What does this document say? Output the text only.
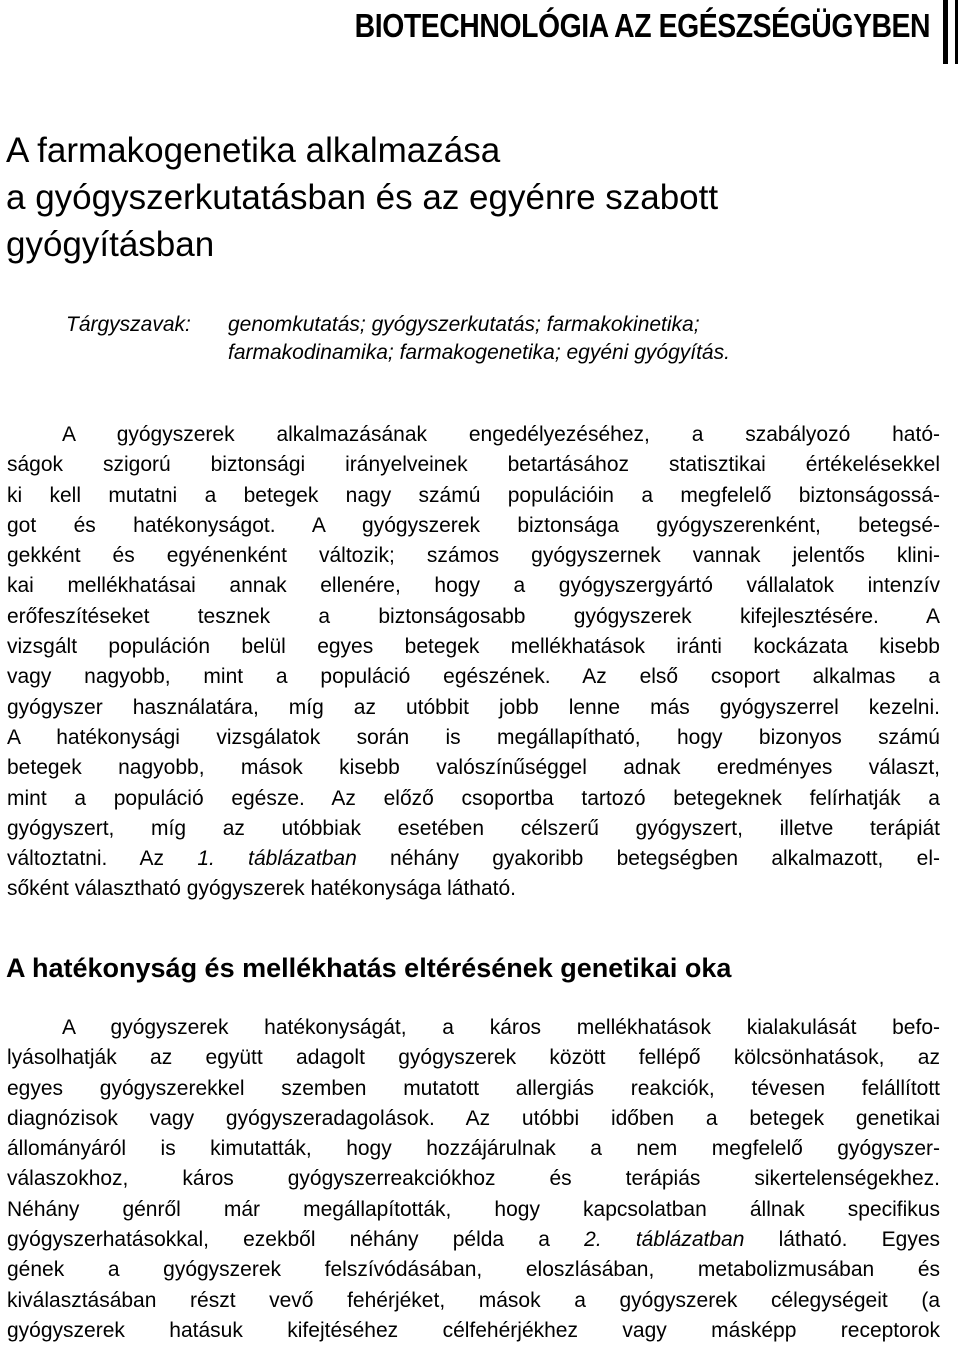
BIOTECHNOLÓGIA AZ EGÉSZSÉGÜGYBEN
A farmakogenetika alkalmazása
a gyógyszerkutatásban és az egyénre szabott
gyógyításban
Tárgyszavak: genomkutatás; gyógyszerkutatás; farmakokinetika;
farmakodinamika; farmakogenetika; egyéni gyógyítás.
A gyógyszerek alkalmazásának engedélyezéséhez, a szabályozó ható-
ságok szigorú biztonsági irányelveinek betartásához statisztikai értékelésekkel
ki kell mutatni a betegek nagy számú populációin a megfelelő biztonságossá-
got és hatékonyságot. A gyógyszerek biztonsága gyógyszerenként, betegsé-
gekként és egyénenként változik; számos gyógyszernek vannak jelentős klini-
kai mellékhatásai annak ellenére, hogy a gyógyszergyártó vállalatok intenzív
erőfeszítéseket tesznek a biztonságosabb gyógyszerek kifejlesztésére. A
vizsgált populáción belül egyes betegek mellékhatások iránti kockázata kisebb
vagy nagyobb, mint a populáció egészének. Az első csoport alkalmas a
gyógyszer használatára, míg az utóbbit jobb lenne más gyógyszerrel kezelni.
A hatékonysági vizsgálatok során is megállapítható, hogy bizonyos számú
betegek nagyobb, mások kisebb valószínűséggel adnak eredményes választ,
mint a populáció egésze. Az előző csoportba tartozó betegeknek felírhatják a
gyógyszert, míg az utóbbiak esetében célszerű gyógyszert, illetve terápiát
változtatni. Az 1. táblázatban néhány gyakoribb betegségben alkalmazott, el-
sőként választható gyógyszerek hatékonysága látható.
A hatékonyság és mellékhatás eltérésének genetikai oka
A gyógyszerek hatékonyságát, a káros mellékhatások kialakulását befo-
lyásolhatják az együtt adagolt gyógyszerek között fellépő kölcsönhatások, az
egyes gyógyszerekkel szemben mutatott allergiás reakciók, tévesen felállított
diagnózisok vagy gyógyszeradagolások. Az utóbbi időben a betegek genetikai
állományáról is kimutatták, hogy hozzájárulnak a nem megfelelő gyógyszer-
válaszokhoz, káros gyógyszerreakciókhoz és terápiás sikertelenségekhez.
Néhány génről már megállapították, hogy kapcsolatban állnak specifikus
gyógyszerhatásokkal, ezekből néhány példa a 2. táblázatban látható. Egyes
gének a gyógyszerek felszívódásában, eloszlásában, metabolizmusában és
kiválasztásában részt vevő fehérjéket, mások a gyógyszerek célegységeit (a
gyógyszerek hatásuk kifejtéséhez célfehérjékhez vagy másképp receptorok
